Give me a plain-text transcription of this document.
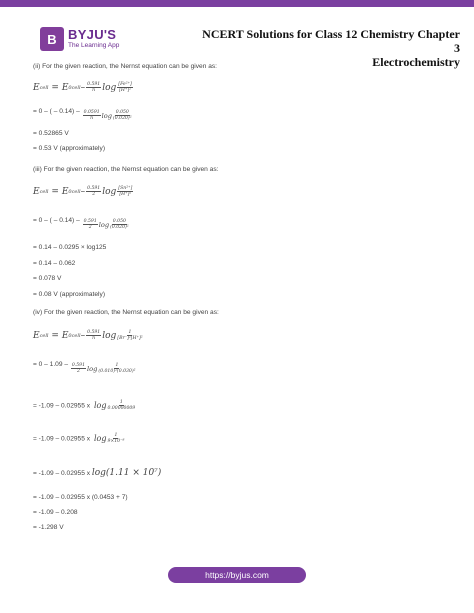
B BYJU'S
The Learning App
NCERT Solutions for Class 12 Chemistry Chapter 3
Electrochemistry
(ii) For the given reaction, the Nernst equation can be given as:
E cell
=
E 0 cell – $\frac{0.591}{n}$ $\log \frac{\text{[Fe²⁺]}}{\text{[H⁺]²}}$
= 0 – ( – $0.14) - \frac{0.0591}{n}$ $\log \frac{0.050}{\text{(0.020)²}}$
= 0.52865 V
= 0.53 V (approximately)
(iii) For the given reaction, the Nernst equation can be given as:
E cell
=
E 0 cell – $\frac{0.591}{2}$ $\log \frac{\text{[Sn²⁺]}}{\text{[H⁺]²}}$
= 0 – ( – $0.14) - \frac{0.591}{2}$ $\log \frac{0.050}{\text{(0.020)²}}$
= 0.14 – 0.0295 × log125
= 0.14 – 0.062
= 0.078 V
= 0.08 V (approximately)
(iv) For the given reaction, the Nernst equation can be given as:
E cell
=
E 0 cell – $\frac{0.591}{n}$ $\log \frac{1}{\text{[Br⁻]²[H⁺]²}}$
= $0 - 1.09 - \frac{0.591}{2}$ $\log \frac{1}{\text{(0.010)²(0.030)²}}$
= -1.09 – 0.02955 x $\log \frac{1}{0.00000009}$
= -1.09 – 0.02955 x $\log \frac{1}{\text{9×10⁻⁸}}$
= -1.09 – 0.02955 x log(1.11 × 10⁷)
= -1.09 – 0.02955 x (0.0453 + 7)
= -1.09 – 0.208
= -1.298 V
https://byjus.com
